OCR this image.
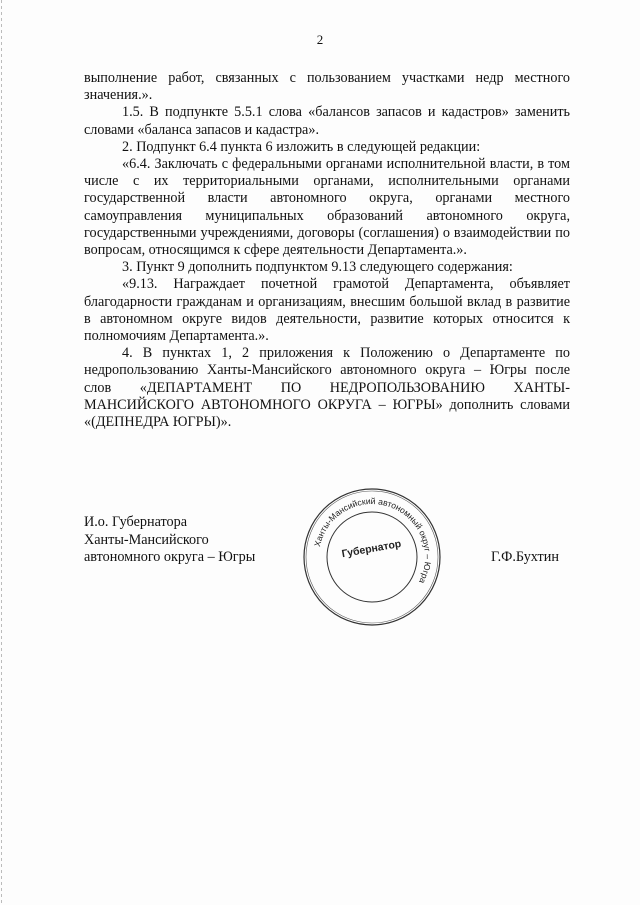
2

выполнение работ, связанных с пользованием участками недр местного значения.».

1.5. В подпункте 5.5.1 слова «балансов запасов и кадастров» заменить словами «баланса запасов и кадастра».

2. Подпункт 6.4 пункта 6 изложить в следующей редакции:

«6.4. Заключать с федеральными органами исполнительной власти, в том числе с их территориальными органами, исполнительными органами государственной власти автономного округа, органами местного самоуправления муниципальных образований автономного округа, государственными учреждениями, договоры (соглашения) о взаимодействии по вопросам, относящимся к сфере деятельности Департамента.».

3. Пункт 9 дополнить подпунктом 9.13 следующего содержания:

«9.13. Награждает почетной грамотой Департамента, объявляет благодарности гражданам и организациям, внесшим большой вклад в развитие в автономном округе видов деятельности, развитие которых относится к полномочиям Департамента.».

4. В пунктах 1, 2 приложения к Положению о Департаменте по недропользованию Ханты-Мансийского автономного округа – Югры после слов «ДЕПАРТАМЕНТ ПО НЕДРОПОЛЬЗОВАНИЮ ХАНТЫ-МАНСИЙСКОГО АВТОНОМНОГО ОКРУГА – ЮГРЫ» дополнить словами «(ДЕПНЕДРА ЮГРЫ)».

И.о. Губернатора
Ханты-Мансийского
автономного округа – Югры
Ханты-Мансийский автономный округ – Югра
Губернатор	Г.Ф.Бухтин
